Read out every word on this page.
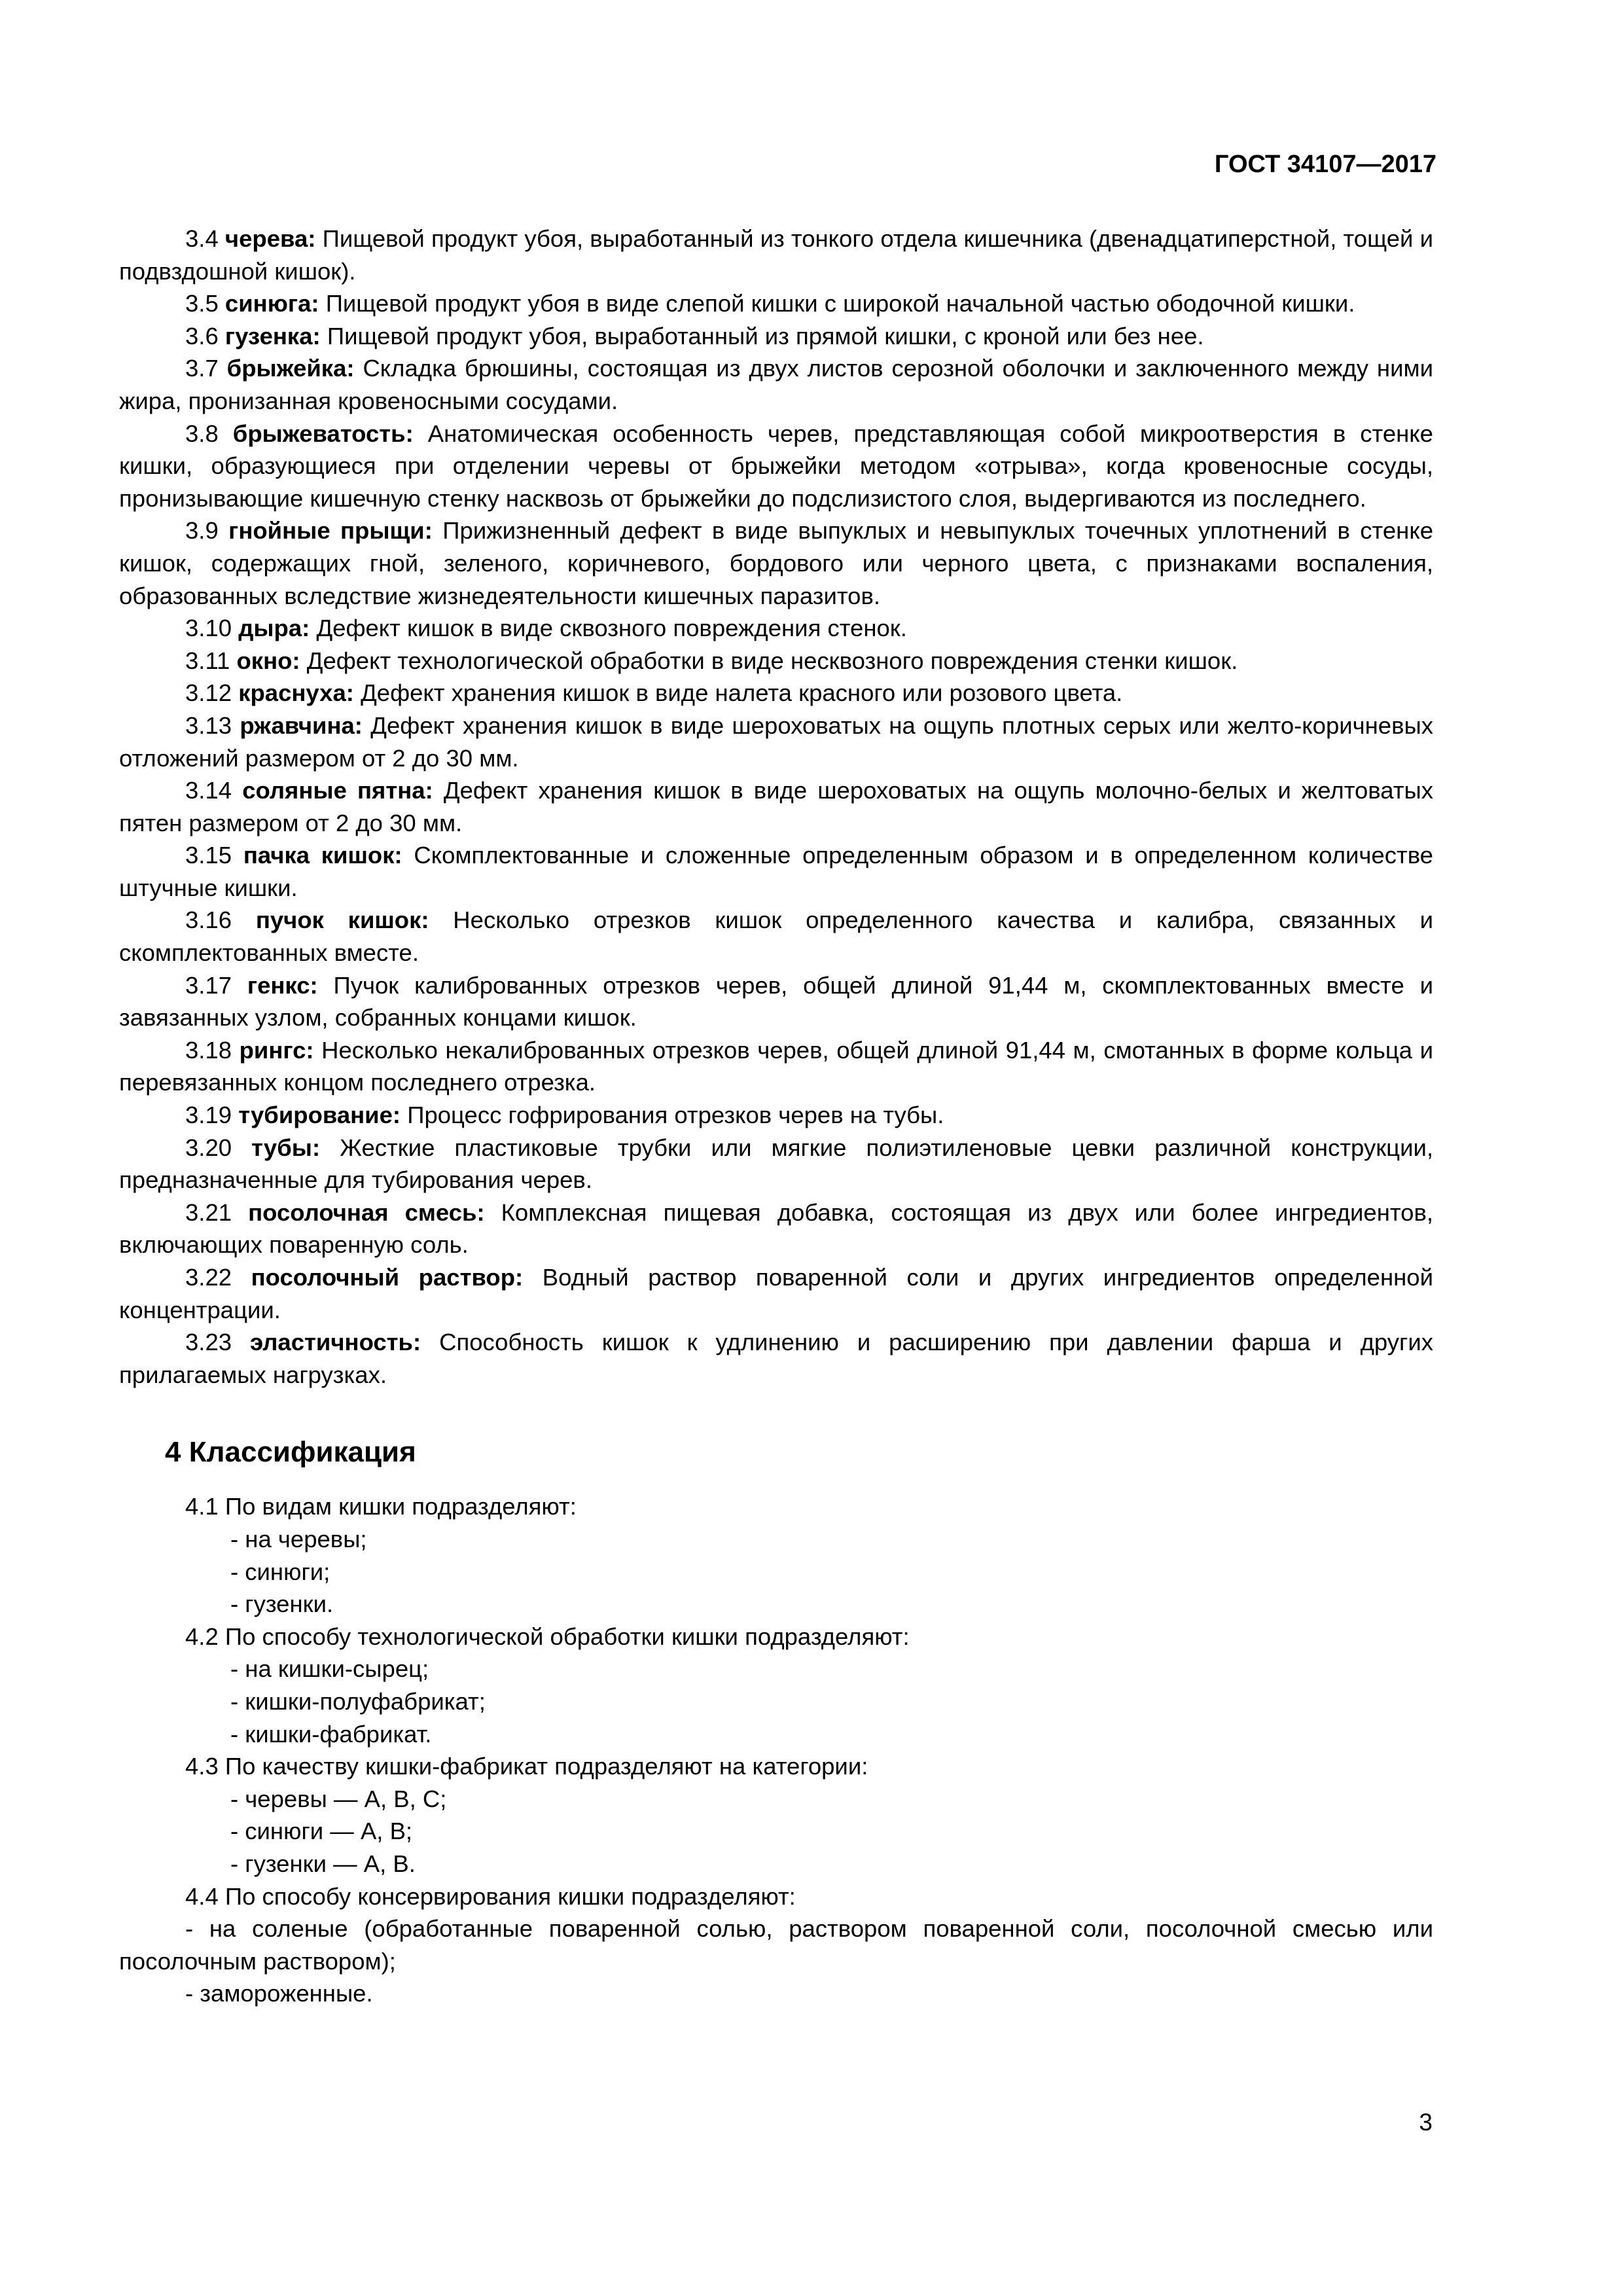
ГОСТ 34107—2017

3.4 черева: Пищевой продукт убоя, выработанный из тонкого отдела кишечника (двенадцатиперстной, тощей и подвздошной кишок).

3.5 синюга: Пищевой продукт убоя в виде слепой кишки с широкой начальной частью ободочной кишки.

3.6 гузенка: Пищевой продукт убоя, выработанный из прямой кишки, с кроной или без нее.

3.7 брыжейка: Складка брюшины, состоящая из двух листов серозной оболочки и заключенного между ними жира, пронизанная кровеносными сосудами.

3.8 брыжеватость: Анатомическая особенность черев, представляющая собой микроотверстия в стенке кишки, образующиеся при отделении черевы от брыжейки методом «отрыва», когда кровеносные сосуды, пронизывающие кишечную стенку насквозь от брыжейки до подслизистого слоя, выдергиваются из последнего.

3.9 гнойные прыщи: Прижизненный дефект в виде выпуклых и невыпуклых точечных уплотнений в стенке кишок, содержащих гной, зеленого, коричневого, бордового или черного цвета, с признаками воспаления, образованных вследствие жизнедеятельности кишечных паразитов.

3.10 дыра: Дефект кишок в виде сквозного повреждения стенок.

3.11 окно: Дефект технологической обработки в виде несквозного повреждения стенки кишок.

3.12 краснуха: Дефект хранения кишок в виде налета красного или розового цвета.

3.13 ржавчина: Дефект хранения кишок в виде шероховатых на ощупь плотных серых или желто-коричневых отложений размером от 2 до 30 мм.

3.14 соляные пятна: Дефект хранения кишок в виде шероховатых на ощупь молочно-белых и желтоватых пятен размером от 2 до 30 мм.

3.15 пачка кишок: Скомплектованные и сложенные определенным образом и в определенном количестве штучные кишки.

3.16 пучок кишок: Несколько отрезков кишок определенного качества и калибра, связанных и скомплектованных вместе.

3.17 генкс: Пучок калиброванных отрезков черев, общей длиной 91,44 м, скомплектованных вместе и завязанных узлом, собранных концами кишок.

3.18 рингс: Несколько некалиброванных отрезков черев, общей длиной 91,44 м, смотанных в форме кольца и перевязанных концом последнего отрезка.

3.19 тубирование: Процесс гофрирования отрезков черев на тубы.

3.20 тубы: Жесткие пластиковые трубки или мягкие полиэтиленовые цевки различной конструкции, предназначенные для тубирования черев.

3.21 посолочная смесь: Комплексная пищевая добавка, состоящая из двух или более ингредиентов, включающих поваренную соль.

3.22 посолочный раствор: Водный раствор поваренной соли и других ингредиентов определенной концентрации.

3.23 эластичность: Способность кишок к удлинению и расширению при давлении фарша и других прилагаемых нагрузках.

4 Классификация

4.1 По видам кишки подразделяют:

- на черевы;

- синюги;

- гузенки.

4.2 По способу технологической обработки кишки подразделяют:

- на кишки-сырец;

- кишки-полуфабрикат;

- кишки-фабрикат.

4.3 По качеству кишки-фабрикат подразделяют на категории:

- черевы — А, В, С;

- синюги — А, В;

- гузенки — А, В.

4.4 По способу консервирования кишки подразделяют:

- на соленые (обработанные поваренной солью, раствором поваренной соли, посолочной смесью или посолочным раствором);

- замороженные.

3
